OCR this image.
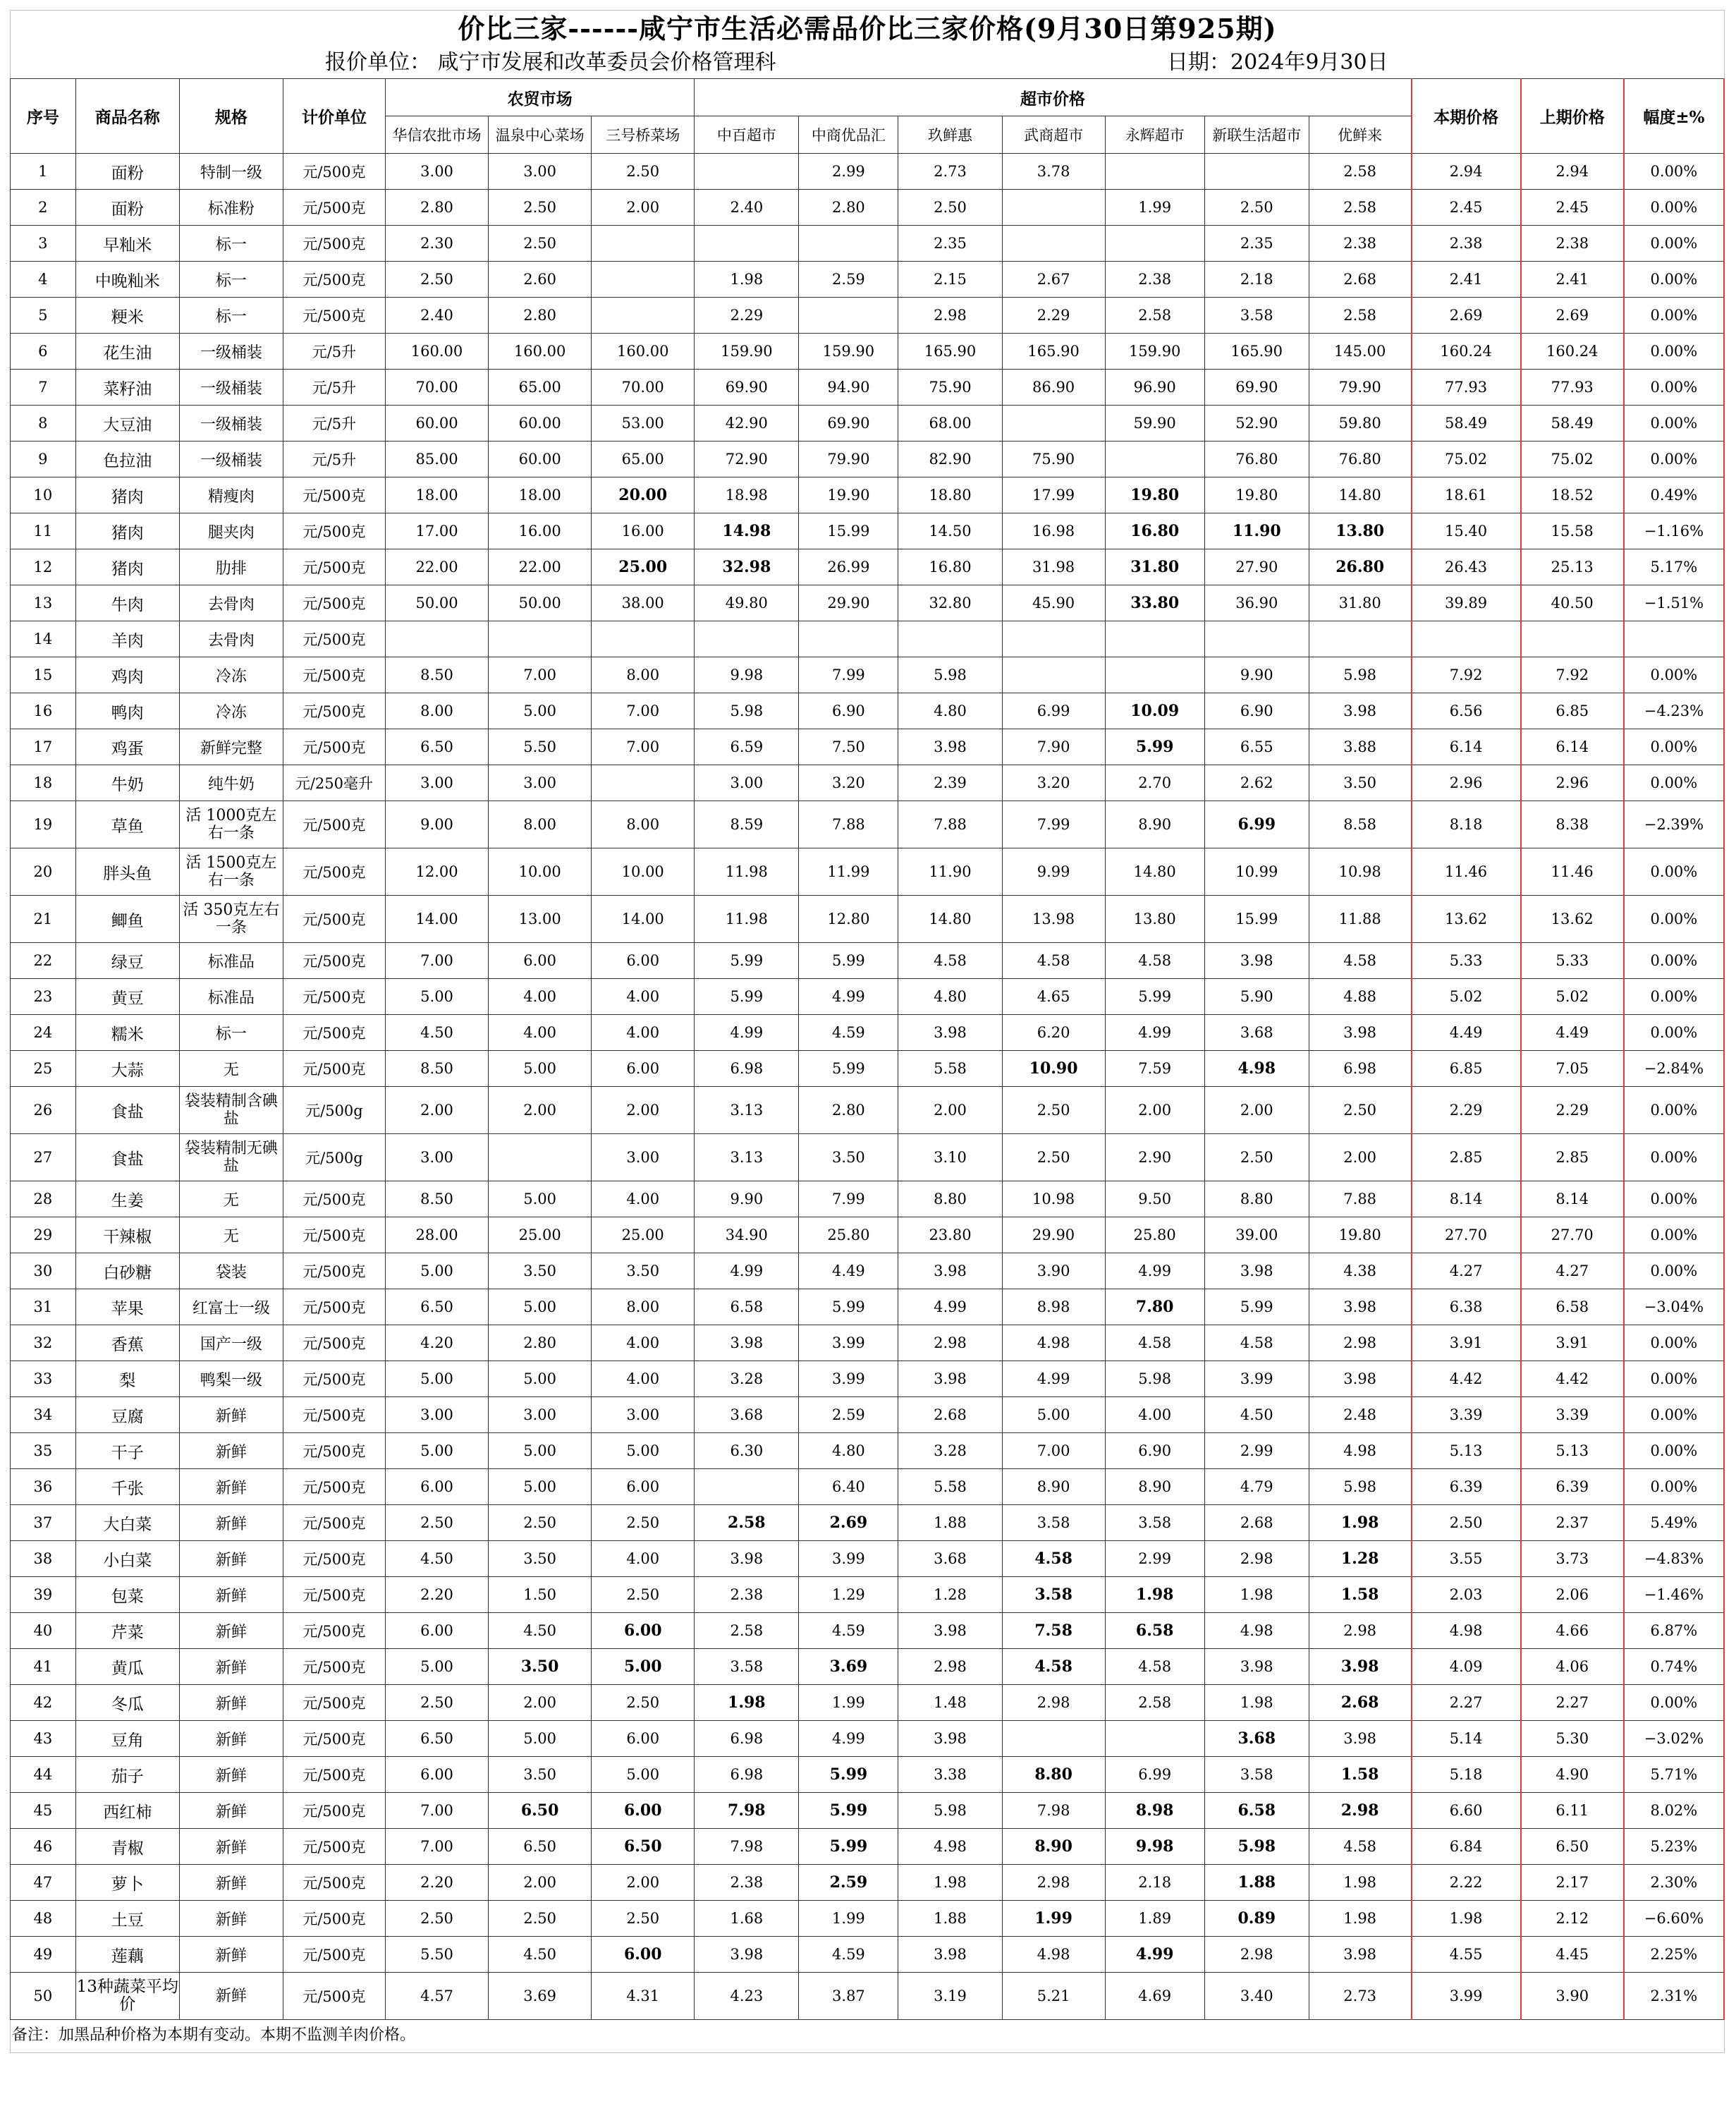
价比三家------咸宁市生活必需品价比三家价格(9月30日第925期)
报价单位： 咸宁市发展和改革委员会价格管理科	日期：2024年9月30日
序号	商品名称	规格	计价单位	农贸市场			超市价格							本期价格	上期价格	幅度±%
				华信农批市场	温泉中心菜场	三号桥菜场	中百超市	中商优品汇	玖鲜惠	武商超市	永辉超市	新联生活超市	优鲜来			
1	面粉	特制一级	元/500克	3.00	3.00	2.50		2.99	2.73	3.78			2.58	2.94	2.94	0.00%
2	面粉	标准粉	元/500克	2.80	2.50	2.00	2.40	2.80	2.50		1.99	2.50	2.58	2.45	2.45	0.00%
3	早籼米	标一	元/500克	2.30	2.50				2.35			2.35	2.38	2.38	2.38	0.00%
4	中晚籼米	标一	元/500克	2.50	2.60		1.98	2.59	2.15	2.67	2.38	2.18	2.68	2.41	2.41	0.00%
5	粳米	标一	元/500克	2.40	2.80		2.29		2.98	2.29	2.58	3.58	2.58	2.69	2.69	0.00%
6	花生油	一级桶装	元/5升	160.00	160.00	160.00	159.90	159.90	165.90	165.90	159.90	165.90	145.00	160.24	160.24	0.00%
7	菜籽油	一级桶装	元/5升	70.00	65.00	70.00	69.90	94.90	75.90	86.90	96.90	69.90	79.90	77.93	77.93	0.00%
8	大豆油	一级桶装	元/5升	60.00	60.00	53.00	42.90	69.90	68.00		59.90	52.90	59.80	58.49	58.49	0.00%
9	色拉油	一级桶装	元/5升	85.00	60.00	65.00	72.90	79.90	82.90	75.90		76.80	76.80	75.02	75.02	0.00%
10	猪肉	精瘦肉	元/500克	18.00	18.00	20.00	18.98	19.90	18.80	17.99	19.80	19.80	14.80	18.61	18.52	0.49%
11	猪肉	腿夹肉	元/500克	17.00	16.00	16.00	14.98	15.99	14.50	16.98	16.80	11.90	13.80	15.40	15.58	−1.16%
12	猪肉	肋排	元/500克	22.00	22.00	25.00	32.98	26.99	16.80	31.98	31.80	27.90	26.80	26.43	25.13	5.17%
13	牛肉	去骨肉	元/500克	50.00	50.00	38.00	49.80	29.90	32.80	45.90	33.80	36.90	31.80	39.89	40.50	−1.51%
14	羊肉	去骨肉	元/500克													
15	鸡肉	冷冻	元/500克	8.50	7.00	8.00	9.98	7.99	5.98			9.90	5.98	7.92	7.92	0.00%
16	鸭肉	冷冻	元/500克	8.00	5.00	7.00	5.98	6.90	4.80	6.99	10.09	6.90	3.98	6.56	6.85	−4.23%
17	鸡蛋	新鲜完整	元/500克	6.50	5.50	7.00	6.59	7.50	3.98	7.90	5.99	6.55	3.88	6.14	6.14	0.00%
18	牛奶	纯牛奶	元/250毫升	3.00	3.00		3.00	3.20	2.39	3.20	2.70	2.62	3.50	2.96	2.96	0.00%
19	草鱼	活 1000克左右一条	元/500克	9.00	8.00	8.00	8.59	7.88	7.88	7.99	8.90	6.99	8.58	8.18	8.38	−2.39%
20	胖头鱼	活 1500克左右一条	元/500克	12.00	10.00	10.00	11.98	11.99	11.90	9.99	14.80	10.99	10.98	11.46	11.46	0.00%
21	鲫鱼	活 350克左右一条	元/500克	14.00	13.00	14.00	11.98	12.80	14.80	13.98	13.80	15.99	11.88	13.62	13.62	0.00%
22	绿豆	标准品	元/500克	7.00	6.00	6.00	5.99	5.99	4.58	4.58	4.58	3.98	4.58	5.33	5.33	0.00%
23	黄豆	标准品	元/500克	5.00	4.00	4.00	5.99	4.99	4.80	4.65	5.99	5.90	4.88	5.02	5.02	0.00%
24	糯米	标一	元/500克	4.50	4.00	4.00	4.99	4.59	3.98	6.20	4.99	3.68	3.98	4.49	4.49	0.00%
25	大蒜	无	元/500克	8.50	5.00	6.00	6.98	5.99	5.58	10.90	7.59	4.98	6.98	6.85	7.05	−2.84%
26	食盐	袋装精制含碘盐	元/500g	2.00	2.00	2.00	3.13	2.80	2.00	2.50	2.00	2.00	2.50	2.29	2.29	0.00%
27	食盐	袋装精制无碘盐	元/500g	3.00		3.00	3.13	3.50	3.10	2.50	2.90	2.50	2.00	2.85	2.85	0.00%
28	生姜	无	元/500克	8.50	5.00	4.00	9.90	7.99	8.80	10.98	9.50	8.80	7.88	8.14	8.14	0.00%
29	干辣椒	无	元/500克	28.00	25.00	25.00	34.90	25.80	23.80	29.90	25.80	39.00	19.80	27.70	27.70	0.00%
30	白砂糖	袋装	元/500克	5.00	3.50	3.50	4.99	4.49	3.98	3.90	4.99	3.98	4.38	4.27	4.27	0.00%
31	苹果	红富士一级	元/500克	6.50	5.00	8.00	6.58	5.99	4.99	8.98	7.80	5.99	3.98	6.38	6.58	−3.04%
32	香蕉	国产一级	元/500克	4.20	2.80	4.00	3.98	3.99	2.98	4.98	4.58	4.58	2.98	3.91	3.91	0.00%
33	梨	鸭梨一级	元/500克	5.00	5.00	4.00	3.28	3.99	3.98	4.99	5.98	3.99	3.98	4.42	4.42	0.00%
34	豆腐	新鲜	元/500克	3.00	3.00	3.00	3.68	2.59	2.68	5.00	4.00	4.50	2.48	3.39	3.39	0.00%
35	干子	新鲜	元/500克	5.00	5.00	5.00	6.30	4.80	3.28	7.00	6.90	2.99	4.98	5.13	5.13	0.00%
36	千张	新鲜	元/500克	6.00	5.00	6.00		6.40	5.58	8.90	8.90	4.79	5.98	6.39	6.39	0.00%
37	大白菜	新鲜	元/500克	2.50	2.50	2.50	2.58	2.69	1.88	3.58	3.58	2.68	1.98	2.50	2.37	5.49%
38	小白菜	新鲜	元/500克	4.50	3.50	4.00	3.98	3.99	3.68	4.58	2.99	2.98	1.28	3.55	3.73	−4.83%
39	包菜	新鲜	元/500克	2.20	1.50	2.50	2.38	1.29	1.28	3.58	1.98	1.98	1.58	2.03	2.06	−1.46%
40	芹菜	新鲜	元/500克	6.00	4.50	6.00	2.58	4.59	3.98	7.58	6.58	4.98	2.98	4.98	4.66	6.87%
41	黄瓜	新鲜	元/500克	5.00	3.50	5.00	3.58	3.69	2.98	4.58	4.58	3.98	3.98	4.09	4.06	0.74%
42	冬瓜	新鲜	元/500克	2.50	2.00	2.50	1.98	1.99	1.48	2.98	2.58	1.98	2.68	2.27	2.27	0.00%
43	豆角	新鲜	元/500克	6.50	5.00	6.00	6.98	4.99	3.98			3.68	3.98	5.14	5.30	−3.02%
44	茄子	新鲜	元/500克	6.00	3.50	5.00	6.98	5.99	3.38	8.80	6.99	3.58	1.58	5.18	4.90	5.71%
45	西红柿	新鲜	元/500克	7.00	6.50	6.00	7.98	5.99	5.98	7.98	8.98	6.58	2.98	6.60	6.11	8.02%
46	青椒	新鲜	元/500克	7.00	6.50	6.50	7.98	5.99	4.98	8.90	9.98	5.98	4.58	6.84	6.50	5.23%
47	萝卜	新鲜	元/500克	2.20	2.00	2.00	2.38	2.59	1.98	2.98	2.18	1.88	1.98	2.22	2.17	2.30%
48	土豆	新鲜	元/500克	2.50	2.50	2.50	1.68	1.99	1.88	1.99	1.89	0.89	1.98	1.98	2.12	−6.60%
49	莲藕	新鲜	元/500克	5.50	4.50	6.00	3.98	4.59	3.98	4.98	4.99	2.98	3.98	4.55	4.45	2.25%
50	13种蔬菜平均价	新鲜	元/500克	4.57	3.69	4.31	4.23	3.87	3.19	5.21	4.69	3.40	2.73	3.99	3.90	2.31%
备注：加黑品种价格为本期有变动。本期不监测羊肉价格。
